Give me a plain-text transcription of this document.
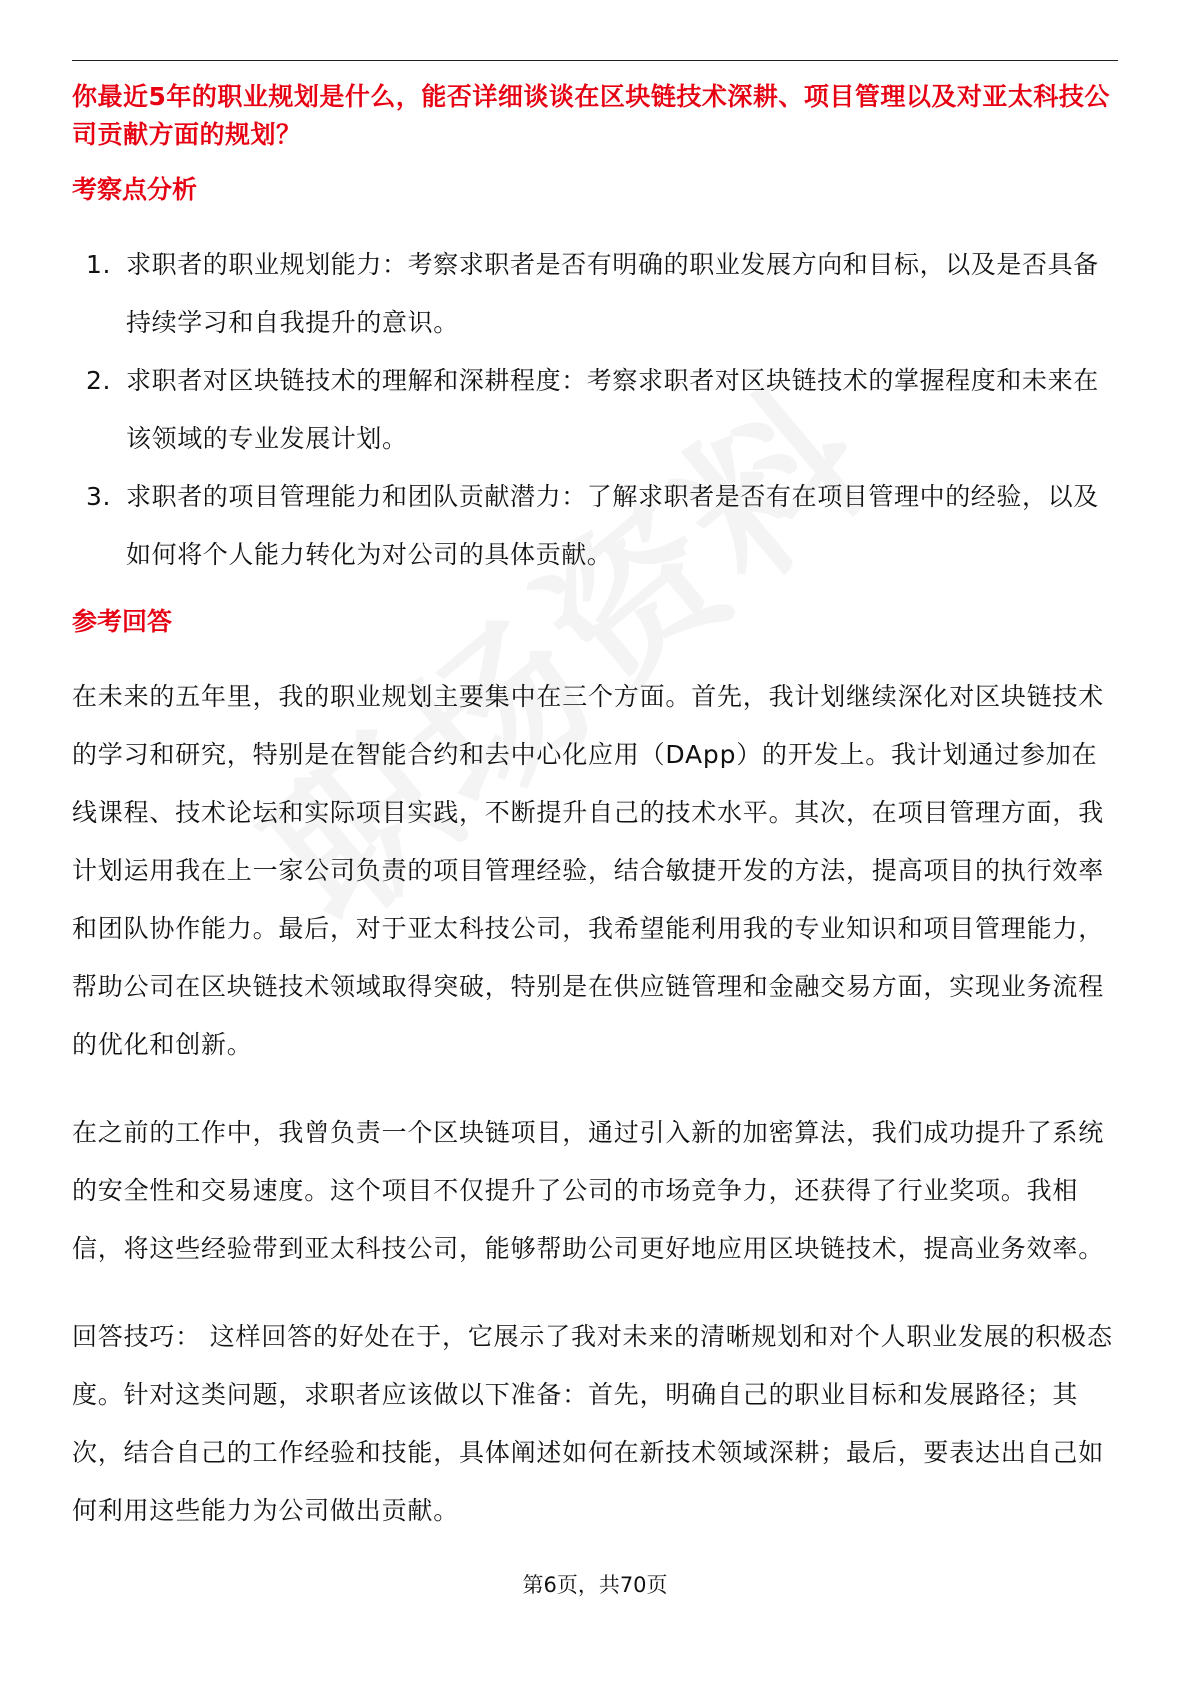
你最近5年的职业规划是什么，能否详细谈谈在区块链技术深耕、项目管理以及对亚太科技公司贡献方面的规划？

考察点分析
1. 求职者的职业规划能力：考察求职者是否有明确的职业发展方向和目标，以及是否具备持续学习和自我提升的意识。
2. 求职者对区块链技术的理解和深耕程度：考察求职者对区块链技术的掌握程度和未来在该领域的专业发展计划。
3. 求职者的项目管理能力和团队贡献潜力：了解求职者是否有在项目管理中的经验，以及如何将个人能力转化为对公司的具体贡献。
参考回答

在未来的五年里，我的职业规划主要集中在三个方面。首先，我计划继续深化对区块链技术的学习和研究，特别是在智能合约和去中心化应用（DApp）的开发上。我计划通过参加在线课程、技术论坛和实际项目实践，不断提升自己的技术水平。其次，在项目管理方面，我计划运用我在上一家公司负责的项目管理经验，结合敏捷开发的方法，提高项目的执行效率和团队协作能力。最后，对于亚太科技公司，我希望能利用我的专业知识和项目管理能力，帮助公司在区块链技术领域取得突破，特别是在供应链管理和金融交易方面，实现业务流程的优化和创新。

在之前的工作中，我曾负责一个区块链项目，通过引入新的加密算法，我们成功提升了系统的安全性和交易速度。这个项目不仅提升了公司的市场竞争力，还获得了行业奖项。我相信，将这些经验带到亚太科技公司，能够帮助公司更好地应用区块链技术，提高业务效率。

回答技巧： 这样回答的好处在于，它展示了我对未来的清晰规划和对个人职业发展的积极态度。针对这类问题，求职者应该做以下准备：首先，明确自己的职业目标和发展路径；其次，结合自己的工作经验和技能，具体阐述如何在新技术领域深耕；最后，要表达出自己如何利用这些能力为公司做出贡献。

第6页，共70页
